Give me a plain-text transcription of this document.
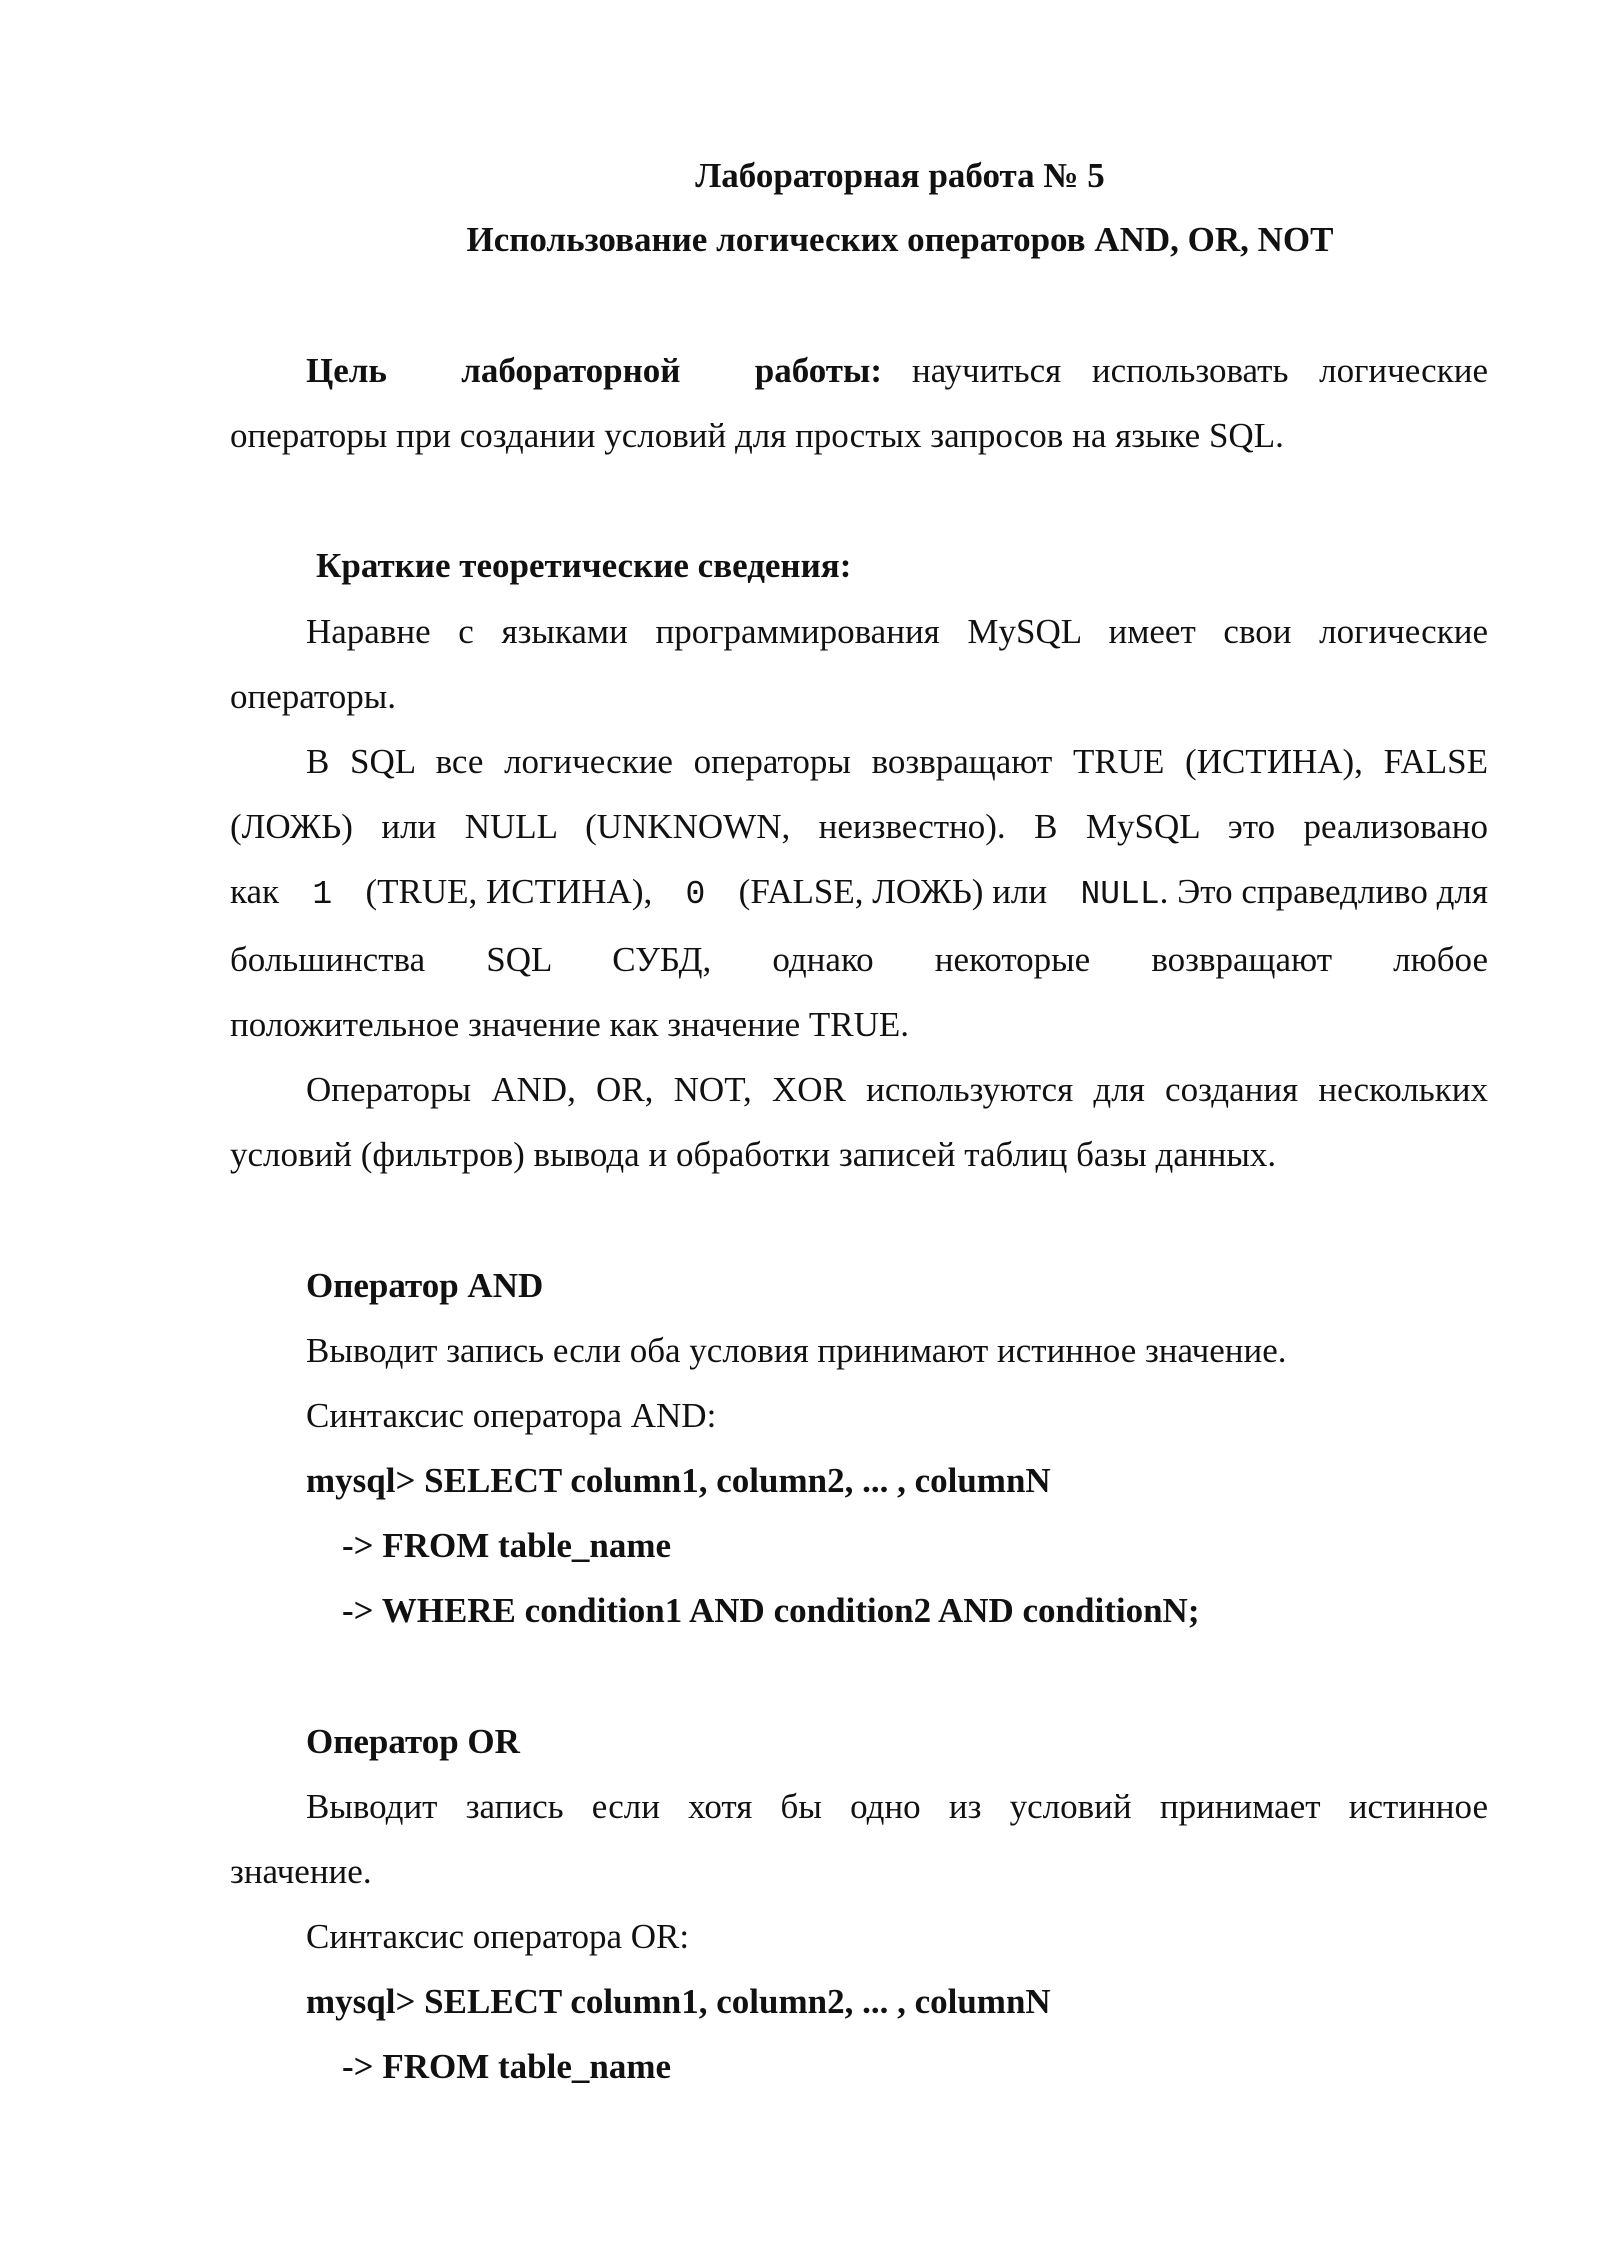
Лабораторная работа № 5
Использование логических операторов AND, OR, NOT
Цель лабораторной работы: научиться использовать логические
операторы при создании условий для простых запросов на языке SQL.
Краткие теоретические сведения:
Наравне с языками программирования MySQL имеет свои логические
операторы.
В SQL все логические операторы возвращают TRUE (ИСТИНА), FALSE
(ЛОЖЬ) или NULL (UNKNOWN, неизвестно). В MySQL это реализовано
как 1 (TRUE, ИСТИНА), 0 (FALSE, ЛОЖЬ) или NULL. Это справедливо для
большинства SQL СУБД, однако некоторые возвращают любое
положительное значение как значение TRUE.
Операторы AND, OR, NOT, XOR используются для создания нескольких
условий (фильтров) вывода и обработки записей таблиц базы данных.
Оператор AND
Выводит запись если оба условия принимают истинное значение.
Синтаксис оператора AND:
mysql> SELECT column1, column2, ... , columnN
-> FROM table_name
-> WHERE condition1 AND condition2 AND conditionN;
Оператор OR
Выводит запись если хотя бы одно из условий принимает истинное
значение.
Синтаксис оператора OR:
mysql> SELECT column1, column2, ... , columnN
-> FROM table_name
